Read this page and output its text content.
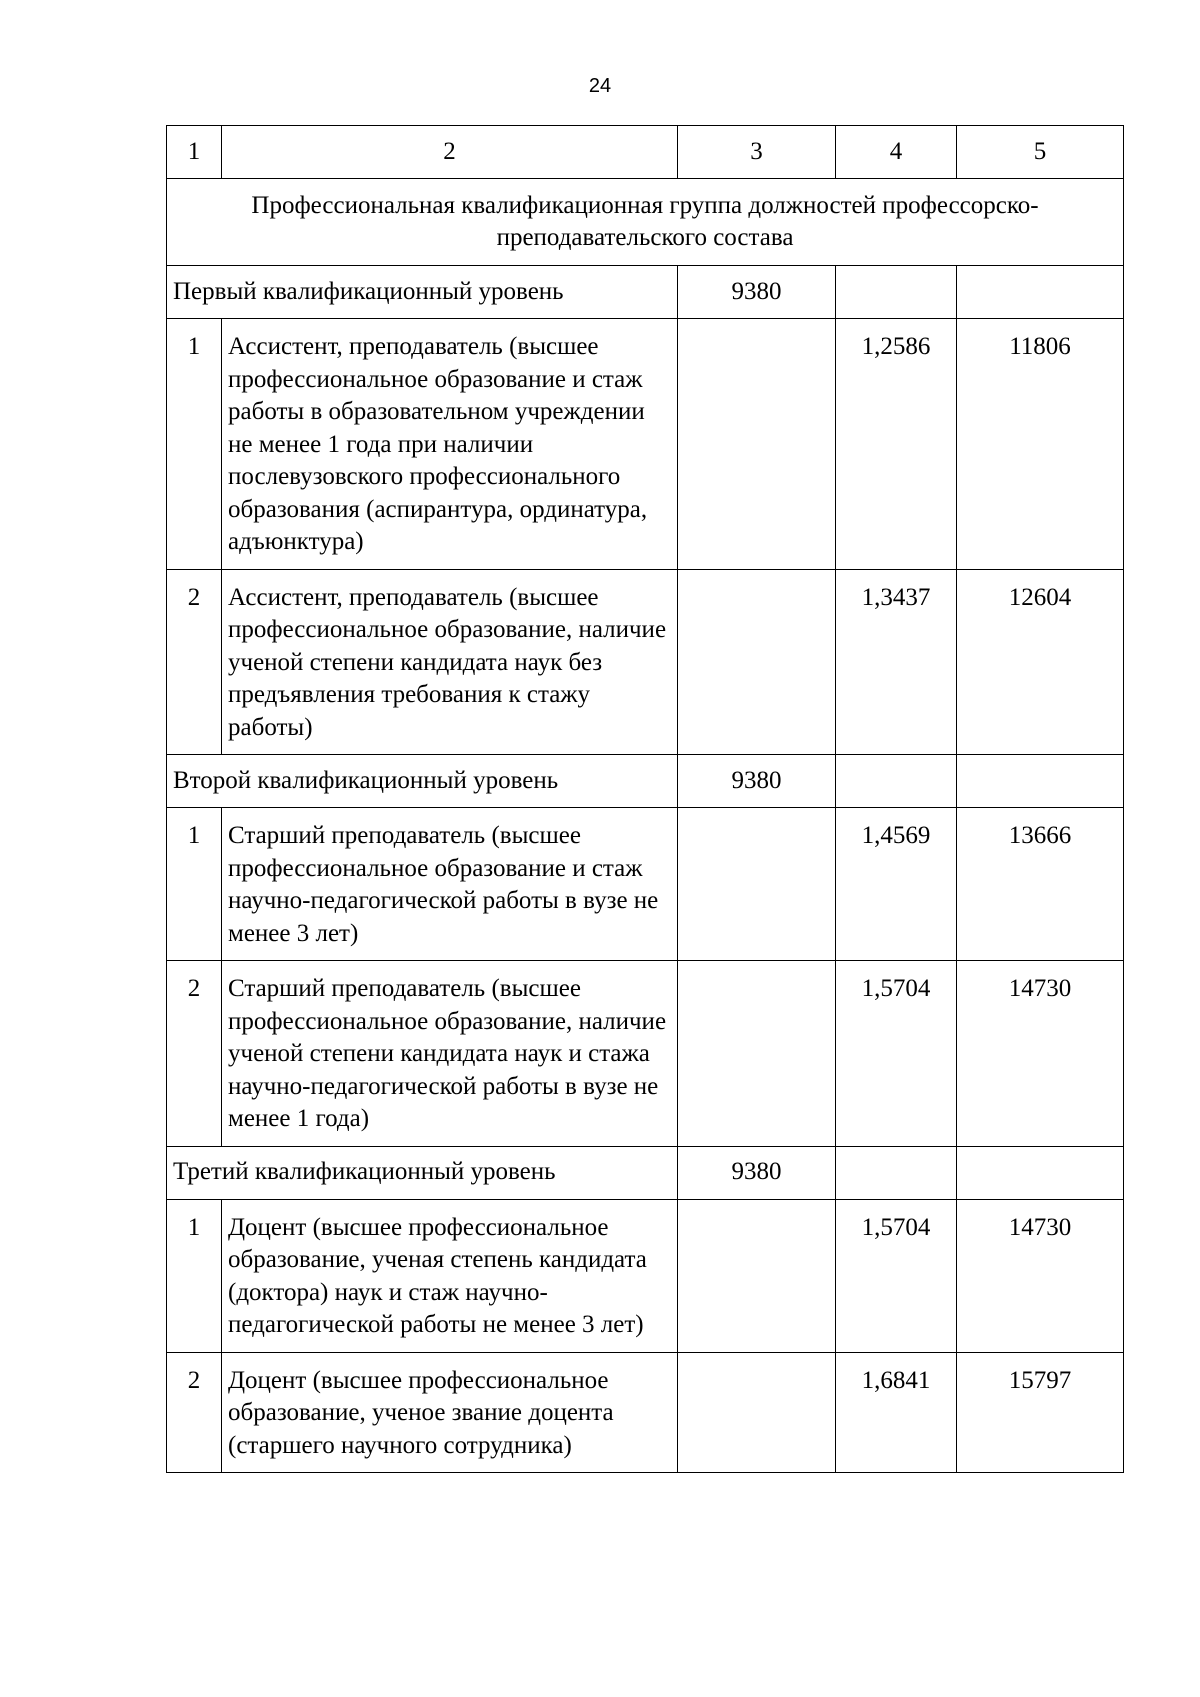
24
1	2	3	4	5
Профессиональная квалификационная группа должностей профессорско-преподавательского состава				
Первый квалификационный уровень		9380		
1	Ассистент, преподаватель (высшее профессиональное образование и стаж работы в образовательном учреждении не менее 1 года при наличии послевузовского профессионального образования (аспирантура, ординатура, адъюнктура)		1,2586	11806
2	Ассистент, преподаватель (высшее профессиональное образование, наличие ученой степени кандидата наук без предъявления требования к стажу работы)		1,3437	12604
Второй квалификационный уровень		9380		
1	Старший преподаватель (высшее профессиональное образование и стаж научно-педагогической работы в вузе не менее 3 лет)		1,4569	13666
2	Старший преподаватель (высшее профессиональное образование, наличие ученой степени кандидата наук и стажа научно-педагогической работы в вузе не менее 1 года)		1,5704	14730
Третий квалификационный уровень		9380		
1	Доцент (высшее профессиональное образование, ученая степень кандидата (доктора) наук и стаж научно-педагогической работы не менее 3 лет)		1,5704	14730
2	Доцент (высшее профессиональное образование, ученое звание доцента (старшего научного сотрудника)		1,6841	15797
